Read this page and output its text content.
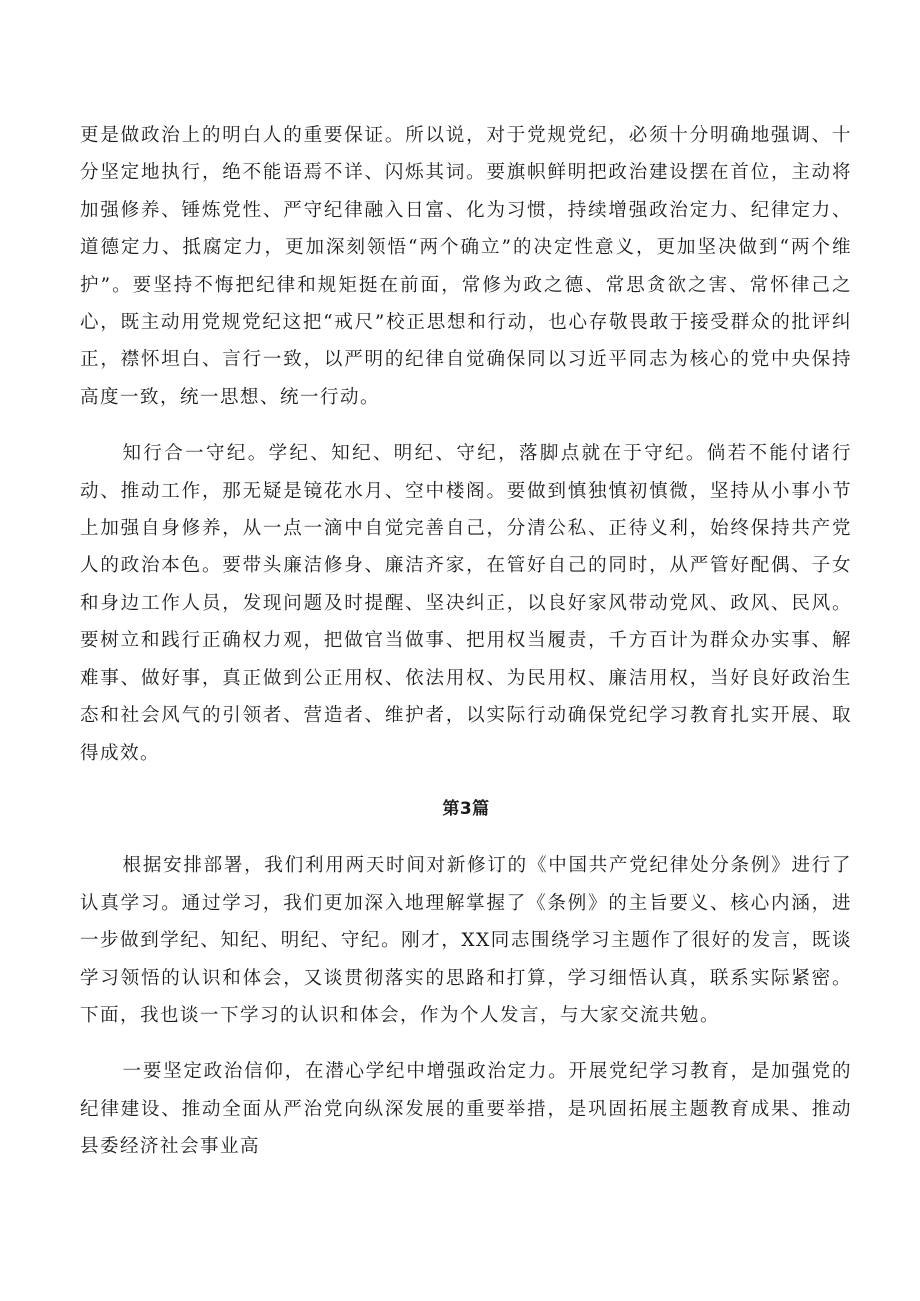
更是做政治上的明白人的重要保证。所以说，对于党规党纪，必须十分明确地强调、十分坚定地执行，绝不能语焉不详、闪烁其词。要旗帜鲜明把政治建设摆在首位，主动将加强修养、锤炼党性、严守纪律融入日富、化为习惯，持续增强政治定力、纪律定力、道德定力、抵腐定力，更加深刻领悟“两个确立”的决定性意义，更加坚决做到“两个维护”。要坚持不悔把纪律和规矩挺在前面，常修为政之德、常思贪欲之害、常怀律己之心，既主动用党规党纪这把“戒尺”校正思想和行动，也心存敬畏敢于接受群众的批评纠正，襟怀坦白、言行一致，以严明的纪律自觉确保同以习近平同志为核心的党中央保持高度一致，统一思想、统一行动。

知行合一守纪。学纪、知纪、明纪、守纪，落脚点就在于守纪。倘若不能付诸行动、推动工作，那无疑是镜花水月、空中楼阁。要做到慎独慎初慎微，坚持从小事小节上加强自身修养，从一点一滴中自觉完善自己，分清公私、正待义利，始终保持共产党人的政治本色。要带头廉洁修身、廉洁齐家，在管好自己的同时，从严管好配偶、子女和身边工作人员，发现问题及时提醒、坚决纠正，以良好家风带动党风、政风、民风。要树立和践行正确权力观，把做官当做事、把用权当履责，千方百计为群众办实事、解难事、做好事，真正做到公正用权、依法用权、为民用权、廉洁用权，当好良好政治生态和社会风气的引领者、营造者、维护者，以实际行动确保党纪学习教育扎实开展、取得成效。

第3篇

根据安排部署，我们利用两天时间对新修订的《中国共产党纪律处分条例》进行了认真学习。通过学习，我们更加深入地理解掌握了《条例》的主旨要义、核心内涵，进一步做到学纪、知纪、明纪、守纪。刚才，XX同志围绕学习主题作了很好的发言，既谈学习领悟的认识和体会，又谈贯彻落实的思路和打算，学习细悟认真，联系实际紧密。下面，我也谈一下学习的认识和体会，作为个人发言，与大家交流共勉。

一要坚定政治信仰，在潜心学纪中增强政治定力。开展党纪学习教育，是加强党的纪律建设、推动全面从严治党向纵深发展的重要举措，是巩固拓展主题教育成果、推动县委经济社会事业高
